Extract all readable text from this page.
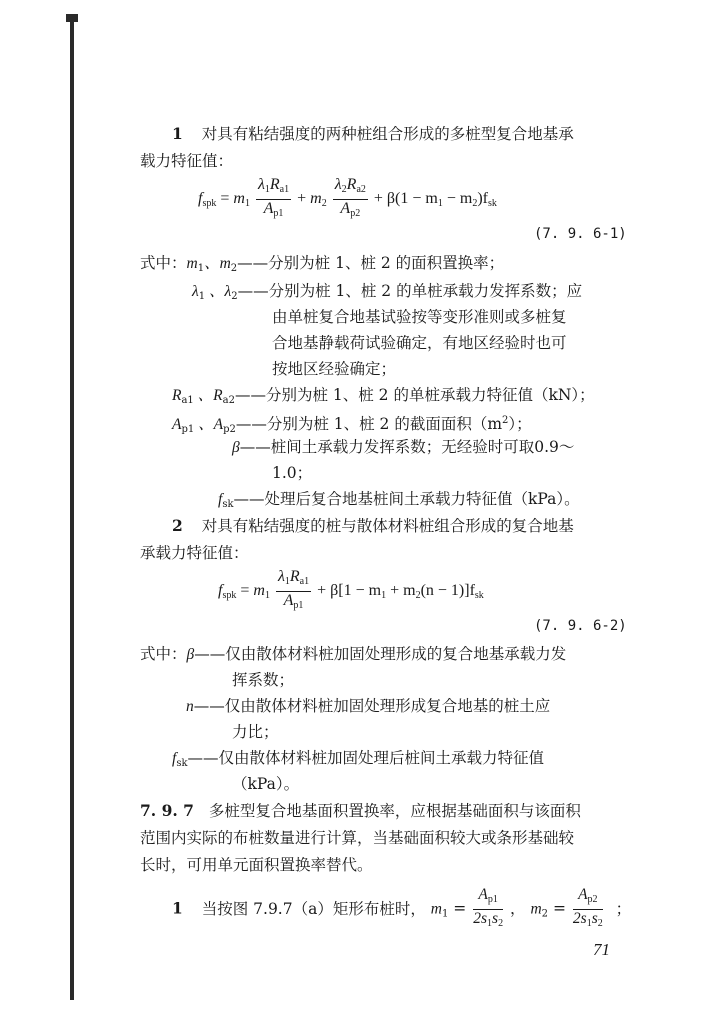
1 对具有粘结强度的两种桩组合形成的多桩型复合地基承
载力特征值：
$f_{spk} = m_1 \frac{\lambda_1R_{a1}}{A_{p1}} + m_2 \frac{\lambda_2R_{a2}}{A_{p2}} + \beta(1 - m_1 - m_2)f_{sk}$
(7. 9. 6-1)
式中：$m_1$、$m_2——$分别为桩 1、桩 2 的面积置换率；
$\lambda_1$ 、$\lambda_2——$分别为桩 1、桩 2 的单桩承载力发挥系数；应
由单桩复合地基试验按等变形准则或多桩复
合地基静载荷试验确定，有地区经验时也可
按地区经验确定；
$R_{a1}$ 、$R_{a2}——$分别为桩 1、桩 2 的单桩承载力特征值（kN）；
$A_{p1}$ 、$A_{p2}——$分别为桩 1、桩 2 的截面面积$(m^2)$；
β——桩间土承载力发挥系数；无经验时可取0.9～
1.0；
$f_{sk}——$处理后复合地基桩间土承载力特征值（kPa）。
2 对具有粘结强度的桩与散体材料桩组合形成的复合地基
承载力特征值：
$f_{spk} = m_1 \frac{\lambda_1R_{a1}}{A_{p1}} + \beta[1 - m_1 + m_2(n - 1)]f_{sk}$
(7. 9. 6-2)
式中：β——仅由散体材料桩加固处理形成的复合地基承载力发
挥系数；
n——仅由散体材料桩加固处理形成复合地基的桩土应
力比；
$f_{sk}——$仅由散体材料桩加固处理后桩间土承载力特征值
（kPa）。
7. 9. 7 多桩型复合地基面积置换率，应根据基础面积与该面积
范围内实际的布桩数量进行计算，当基础面积较大或条形基础较
长时，可用单元面积置换率替代。
1 当按图 7.9.7（a）矩形布桩时， $m_1 = \frac{A_{p1}}{2s_1s_2}$ ， $m_2 = \frac{A_{p2}}{2s_1s_2}$ ；
71
